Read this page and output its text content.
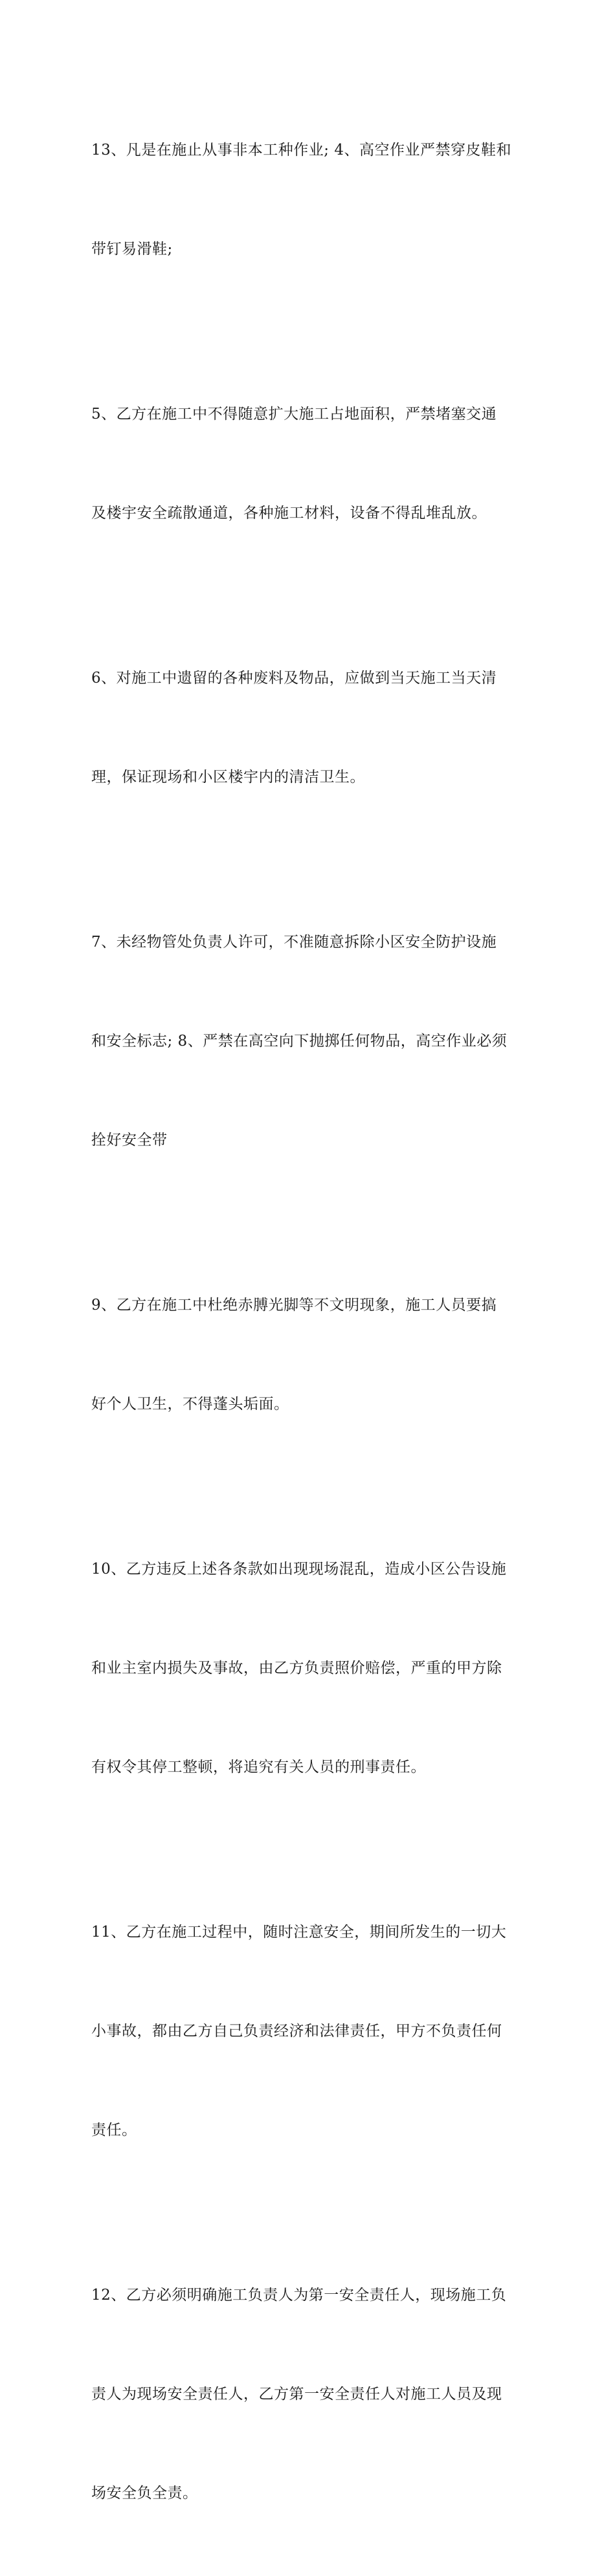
13、凡是在施止从事非本工种作业; 4、高空作业严禁穿皮鞋和

带钉易滑鞋;

5、乙方在施工中不得随意扩大施工占地面积，严禁堵塞交通

及楼宇安全疏散通道，各种施工材料，设备不得乱堆乱放。

6、对施工中遗留的各种废料及物品，应做到当天施工当天清

理，保证现场和小区楼宇内的清洁卫生。

7、未经物管处负责人许可，不准随意拆除小区安全防护设施

和安全标志; 8、严禁在高空向下抛掷任何物品，高空作业必须

拴好安全带

9、乙方在施工中杜绝赤膊光脚等不文明现象，施工人员要搞

好个人卫生，不得蓬头垢面。

10、乙方违反上述各条款如出现现场混乱，造成小区公告设施

和业主室内损失及事故，由乙方负责照价赔偿，严重的甲方除

有权令其停工整顿，将追究有关人员的刑事责任。

11、乙方在施工过程中，随时注意安全，期间所发生的一切大

小事故，都由乙方自己负责经济和法律责任，甲方不负责任何

责任。

12、乙方必须明确施工负责人为第一安全责任人，现场施工负

责人为现场安全责任人，乙方第一安全责任人对施工人员及现

场安全负全责。
